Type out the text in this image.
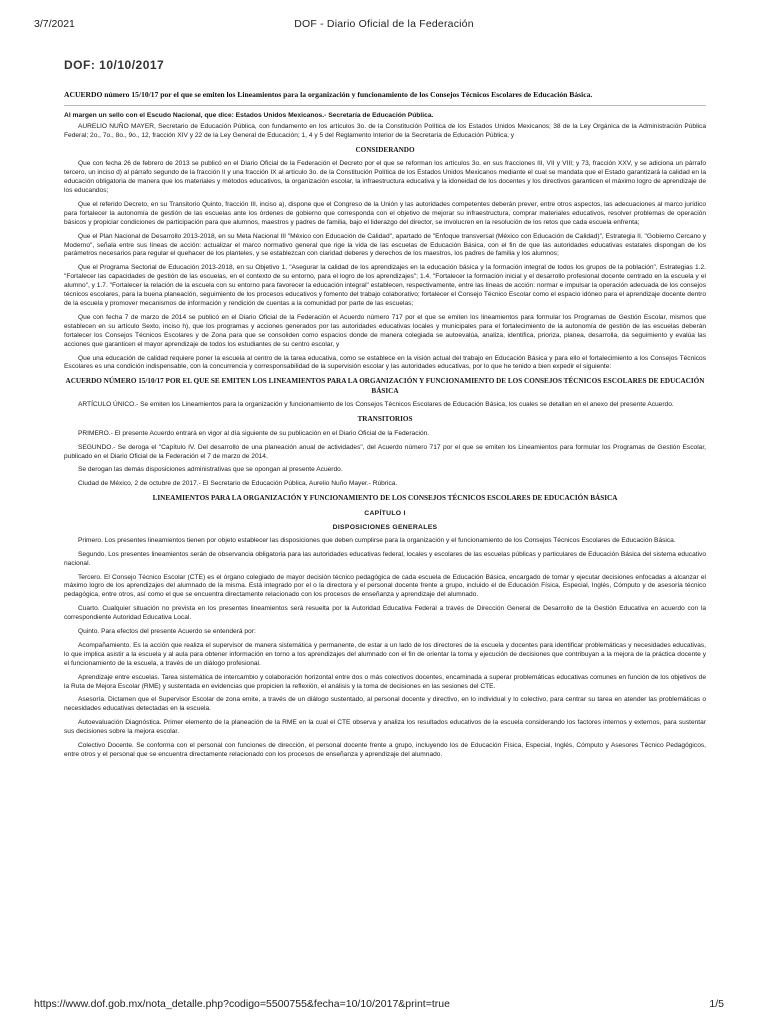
3/7/2021	DOF - Diario Oficial de la Federación
DOF: 10/10/2017
ACUERDO número 15/10/17 por el que se emiten los Lineamientos para la organización y funcionamiento de los Consejos Técnicos Escolares de Educación Básica.
Al margen un sello con el Escudo Nacional, que dice: Estados Unidos Mexicanos.- Secretaría de Educación Pública.

AURELIO NUÑO MAYER, Secretario de Educación Pública, con fundamento en los artículos 3o. de la Constitución Política de los Estados Unidos Mexicanos; 38 de la Ley Orgánica de la Administración Pública Federal; 2o., 7o., 8o., 9o., 12, fracción XIV y 22 de la Ley General de Educación; 1, 4 y 5 del Reglamento Interior de la Secretaría de Educación Pública, y

CONSIDERANDO

Que con fecha 26 de febrero de 2013 se publicó en el Diario Oficial de la Federación el Decreto por el que se reforman los artículos 3o. en sus fracciones III, VII y VIII; y 73, fracción XXV, y se adiciona un párrafo tercero, un inciso d) al párrafo segundo de la fracción II y una fracción IX al artículo 3o. de la Constitución Política de los Estados Unidos Mexicanos mediante el cual se mandata que el Estado garantizará la calidad en la educación obligatoria de manera que los materiales y métodos educativos, la organización escolar, la infraestructura educativa y la idoneidad de los docentes y los directivos garanticen el máximo logro de aprendizaje de los educandos;

Que el referido Decreto, en su Transitorio Quinto, fracción III, inciso a), dispone que el Congreso de la Unión y las autoridades competentes deberán prever, entre otros aspectos, las adecuaciones al marco jurídico para fortalecer la autonomía de gestión de las escuelas ante los órdenes de gobierno que corresponda con el objetivo de mejorar su infraestructura, comprar materiales educativos, resolver problemas de operación básicos y propiciar condiciones de participación para que alumnos, maestros y padres de familia, bajo el liderazgo del director, se involucren en la resolución de los retos que cada escuela enfrenta;

Que el Plan Nacional de Desarrollo 2013-2018, en su Meta Nacional III "México con Educación de Calidad", apartado de "Enfoque transversal (México con Educación de Calidad)", Estrategia II. "Gobierno Cercano y Moderno", señala entre sus líneas de acción: actualizar el marco normativo general que rige la vida de las escuelas de Educación Básica, con el fin de que las autoridades educativas estatales dispongan de los parámetros necesarios para regular el quehacer de los planteles, y se establezcan con claridad deberes y derechos de los maestros, los padres de familia y los alumnos;

Que el Programa Sectorial de Educación 2013-2018, en su Objetivo 1. "Asegurar la calidad de los aprendizajes en la educación básica y la formación integral de todos los grupos de la población", Estrategias 1.2. "Fortalecer las capacidades de gestión de las escuelas, en el contexto de su entorno, para el logro de los aprendizajes"; 1.4. "Fortalecer la formación inicial y el desarrollo profesional docente centrado en la escuela y el alumno", y 1.7. "Fortalecer la relación de la escuela con su entorno para favorecer la educación integral" establecen, respectivamente, entre las líneas de acción: normar e impulsar la operación adecuada de los consejos técnicos escolares, para la buena planeación, seguimiento de los procesos educativos y fomento del trabajo colaborativo; fortalecer el Consejo Técnico Escolar como el espacio idóneo para el aprendizaje docente dentro de la escuela y promover mecanismos de información y rendición de cuentas a la comunidad por parte de las escuelas;

Que con fecha 7 de marzo de 2014 se publicó en el Diario Oficial de la Federación el Acuerdo número 717 por el que se emiten los lineamientos para formular los Programas de Gestión Escolar, mismos que establecen en su artículo Sexto, inciso h), que los programas y acciones generados por las autoridades educativas locales y municipales para el fortalecimiento de la autonomía de gestión de las escuelas deberán fortalecer los Consejos Técnicos Escolares y de Zona para que se consoliden como espacios donde de manera colegiada se autoevalúa, analiza, identifica, prioriza, planea, desarrolla, da seguimiento y evalúa las acciones que garanticen el mayor aprendizaje de todos los estudiantes de su centro escolar, y

Que una educación de calidad requiere poner la escuela al centro de la tarea educativa, como se establece en la visión actual del trabajo en Educación Básica y para ello el fortalecimiento a los Consejos Técnicos Escolares es una condición indispensable, con la concurrencia y corresponsabilidad de la supervisión escolar y las autoridades educativas, por lo que he tenido a bien expedir el siguiente:

ACUERDO NÚMERO 15/10/17 POR EL QUE SE EMITEN LOS LINEAMIENTOS PARA LA ORGANIZACIÓN Y FUNCIONAMIENTO DE LOS CONSEJOS TÉCNICOS ESCOLARES DE EDUCACIÓN BÁSICA

ARTÍCULO ÚNICO.- Se emiten los Lineamientos para la organización y funcionamiento de los Consejos Técnicos Escolares de Educación Básica, los cuales se detallan en el anexo del presente Acuerdo.

TRANSITORIOS

PRIMERO.- El presente Acuerdo entrará en vigor al día siguiente de su publicación en el Diario Oficial de la Federación.

SEGUNDO.- Se deroga el "Capítulo IV. Del desarrollo de una planeación anual de actividades", del Acuerdo número 717 por el que se emiten los Lineamientos para formular los Programas de Gestión Escolar, publicado en el Diario Oficial de la Federación el 7 de marzo de 2014.

Se derogan las demás disposiciones administrativas que se opongan al presente Acuerdo.

Ciudad de México, 2 de octubre de 2017.- El Secretario de Educación Pública, Aurelio Nuño Mayer.- Rúbrica.

LINEAMIENTOS PARA LA ORGANIZACIÓN Y FUNCIONAMIENTO DE LOS CONSEJOS TÉCNICOS ESCOLARES DE EDUCACIÓN BÁSICA
CAPÍTULO I
DISPOSICIONES GENERALES

Primero. Los presentes lineamientos tienen por objeto establecer las disposiciones que deben cumplirse para la organización y el funcionamiento de los Consejos Técnicos Escolares de Educación Básica.

Segundo. Los presentes lineamientos serán de observancia obligatoria para las autoridades educativas federal, locales y escolares de las escuelas públicas y particulares de Educación Básica del sistema educativo nacional.

Tercero. El Consejo Técnico Escolar (CTE) es el órgano colegiado de mayor decisión técnico pedagógica de cada escuela de Educación Básica, encargado de tomar y ejecutar decisiones enfocadas a alcanzar el máximo logro de los aprendizajes del alumnado de la misma. Está integrado por el o la directora y el personal docente frente a grupo, incluido el de Educación Física, Especial, Inglés, Cómputo y de asesoría técnico pedagógica, entre otros, así como el que se encuentra directamente relacionado con los procesos de enseñanza y aprendizaje del alumnado.

Cuarto. Cualquier situación no prevista en los presentes lineamientos será resuelta por la Autoridad Educativa Federal a través de Dirección General de Desarrollo de la Gestión Educativa en acuerdo con la correspondiente Autoridad Educativa Local.

Quinto. Para efectos del presente Acuerdo se entenderá por:

Acompañamiento. Es la acción que realiza el supervisor de manera sistemática y permanente, de estar a un lado de los directores de la escuela y docentes para identificar problemáticas y necesidades educativas, lo que implica asistir a la escuela y al aula para obtener información en torno a los aprendizajes del alumnado con el fin de orientar la toma y ejecución de decisiones que contribuyan a la mejora de la práctica docente y el funcionamiento de la escuela, a través de un diálogo profesional.

Aprendizaje entre escuelas. Tarea sistemática de intercambio y colaboración horizontal entre dos o más colectivos docentes, encaminada a superar problemáticas educativas comunes en función de los objetivos de la Ruta de Mejora Escolar (RME) y sustentada en evidencias que propicien la reflexión, el análisis y la toma de decisiones en las sesiones del CTE.

Asesoría. Dictamen que el Supervisor Escolar de zona emite, a través de un diálogo sustentado, al personal docente y directivo, en lo individual y lo colectivo, para centrar su tarea en atender las problemáticas o necesidades educativas detectadas en la escuela.

Autoevaluación Diagnóstica. Primer elemento de la planeación de la RME en la cual el CTE observa y analiza los resultados educativos de la escuela considerando los factores internos y externos, para sustentar sus decisiones sobre la mejora escolar.

Colectivo Docente. Se conforma con el personal con funciones de dirección, el personal docente frente a grupo, incluyendo los de Educación Física, Especial, Inglés, Cómputo y Asesores Técnico Pedagógicos, entre otros y el personal que se encuentra directamente relacionado con los procesos de enseñanza y aprendizaje del alumnado.

https://www.dof.gob.mx/nota_detalle.php?codigo=5500755&fecha=10/10/2017&print=true	1/5
